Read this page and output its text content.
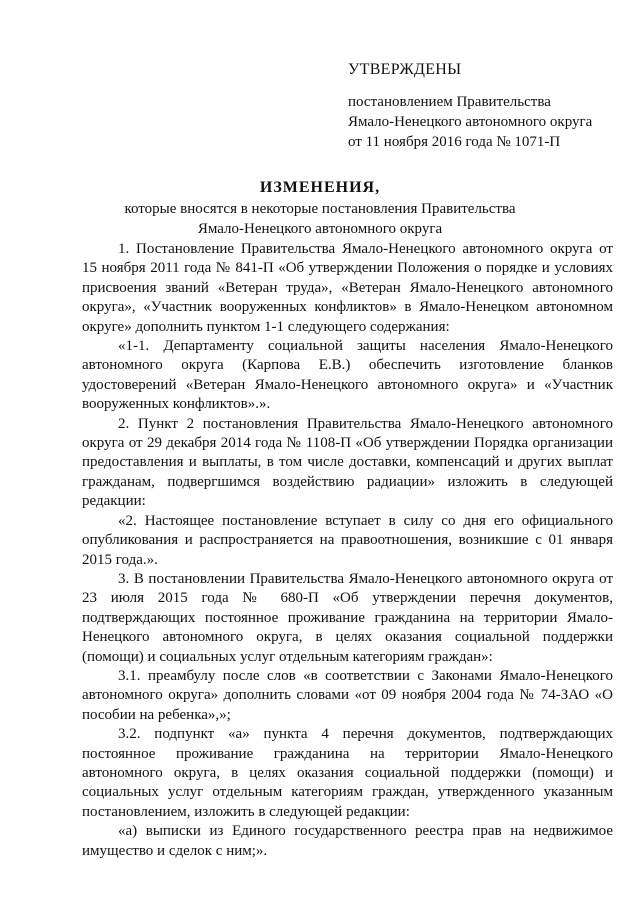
УТВЕРЖДЕНЫ
постановлением Правительства
Ямало-Ненецкого автономного округа
от 11 ноября 2016 года № 1071-П
ИЗМЕНЕНИЯ,
которые вносятся в некоторые постановления Правительства
Ямало-Ненецкого автономного округа

1. Постановление Правительства Ямало-Ненецкого автономного округа от 15 ноября 2011 года № 841-П «Об утверждении Положения о порядке и условиях присвоения званий «Ветеран труда», «Ветеран Ямало-Ненецкого автономного округа», «Участник вооруженных конфликтов» в Ямало-Ненецком автономном округе» дополнить пунктом 1-1 следующего содержания:

«1-1. Департаменту социальной защиты населения Ямало-Ненецкого автономного округа (Карпова Е.В.) обеспечить изготовление бланков удостоверений «Ветеран Ямало-Ненецкого автономного округа» и «Участник вооруженных конфликтов».».

2. Пункт 2 постановления Правительства Ямало-Ненецкого автономного округа от 29 декабря 2014 года № 1108-П «Об утверждении Порядка организации предоставления и выплаты, в том числе доставки, компенсаций и других выплат гражданам, подвергшимся воздействию радиации» изложить в следующей редакции:

«2. Настоящее постановление вступает в силу со дня его официального опубликования и распространяется на правоотношения, возникшие с 01 января 2015 года.».

3. В постановлении Правительства Ямало-Ненецкого автономного округа от 23 июля 2015 года № 680-П «Об утверждении перечня документов, подтверждающих постоянное проживание гражданина на территории Ямало-Ненецкого автономного округа, в целях оказания социальной поддержки (помощи) и социальных услуг отдельным категориям граждан»:

3.1. преамбулу после слов «в соответствии с Законами Ямало-Ненецкого автономного округа» дополнить словами «от 09 ноября 2004 года № 74-ЗАО «О пособии на ребенка»,»;

3.2. подпункт «а» пункта 4 перечня документов, подтверждающих постоянное проживание гражданина на территории Ямало-Ненецкого автономного округа, в целях оказания социальной поддержки (помощи) и социальных услуг отдельным категориям граждан, утвержденного указанным постановлением, изложить в следующей редакции:

«а) выписки из Единого государственного реестра прав на недвижимое имущество и сделок с ним;».
